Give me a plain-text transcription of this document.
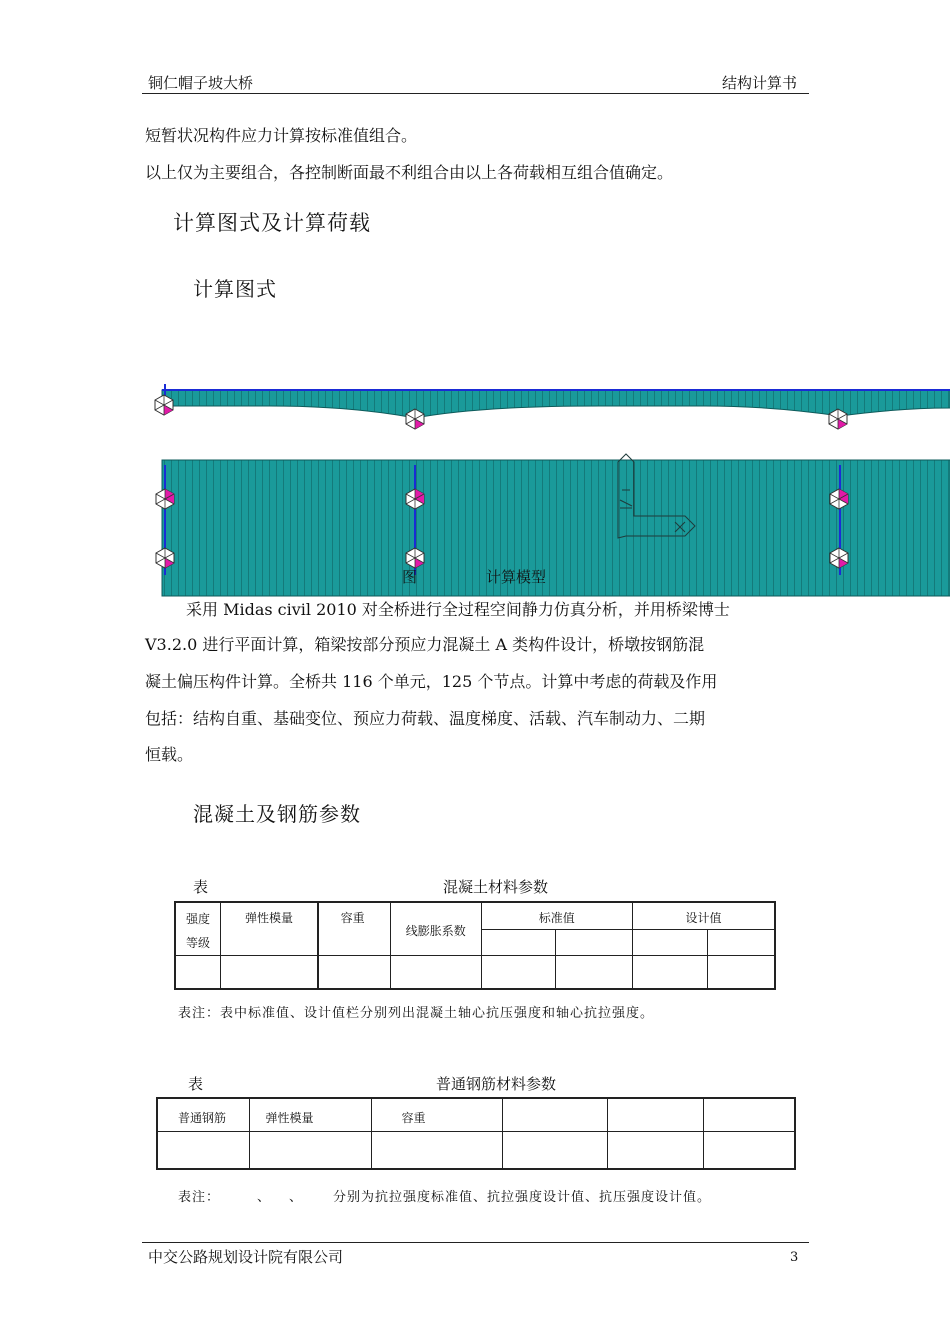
铜仁帽子坡大桥	结构计算书
短暂状况构件应力计算按标准值组合。
以上仅为主要组合，各控制断面最不利组合由以上各荷载相互组合值确定。
计算图式及计算荷载
计算图式
图	计算模型
采用 Midas civil 2010 对全桥进行全过程空间静力仿真分析，并用桥梁博士
V3.2.0 进行平面计算，箱梁按部分预应力混凝土 A 类构件设计，桥墩按钢筋混
凝土偏压构件计算。全桥共 116 个单元，125 个节点。计算中考虑的荷载及作用
包括：结构自重、基础变位、预应力荷载、温度梯度、活载、汽车制动力、二期
恒载。
混凝土及钢筋参数
表	混凝土材料参数
强度
等级	弹性模量	容重	线膨胀系数	标准值		设计值	

表注：表中标准值、设计值栏分别列出混凝土轴心抗压强度和轴心抗拉强度。
表	普通钢筋材料参数
普通钢筋	弹性模量	容重			

表注：	、 、 分别为抗拉强度标准值、抗拉强度设计值、抗压强度设计值。
中交公路规划设计院有限公司	3
